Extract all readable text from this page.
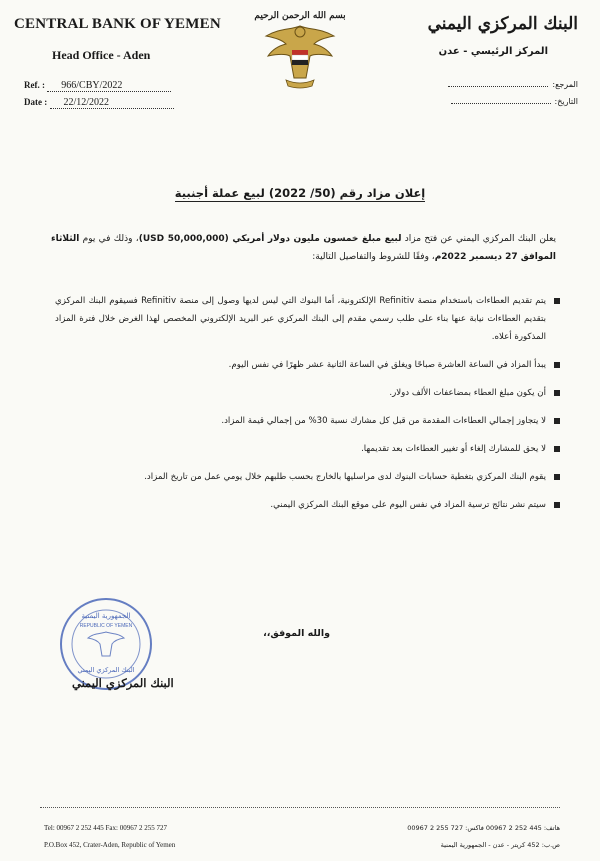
CENTRAL BANK OF YEMEN
Head Office - Aden
Ref. : 966/CBY/2022
Date : 22/12/2022
بسم الله الرحمن الرحيم	البنك المركزي اليمني
المركز الرئيسي - عدن
المرجع:
التاريخ:
إعلان مزاد رقم (50/ 2022) لبيع عملة أجنبية
يعلن البنك المركزي اليمني عن فتح مزاد لبيع مبلغ خمسون مليون دولار أمريكي (50,000,000 USD)، وذلك في يوم الثلاثاء الموافق 27 ديسمبر 2022م، وفقًا للشروط والتفاصيل التالية:
يتم تقديم العطاءات باستخدام منصة Refinitiv الإلكترونية، أما البنوك التي ليس لديها وصول إلى منصة Refinitiv فسيقوم البنك المركزي بتقديم العطاءات نيابة عنها بناء على طلب رسمي مقدم إلى البنك المركزي عبر البريد الإلكتروني المخصص لهذا الغرض خلال فترة المزاد المذكورة أعلاه.
يبدأ المزاد في الساعة العاشرة صباحًا ويغلق في الساعة الثانية عشر ظهرًا في نفس اليوم.
أن يكون مبلغ العطاء بمضاعفات الألف دولار.
لا يتجاوز إجمالي العطاءات المقدمة من قبل كل مشارك نسبة 30% من إجمالي قيمة المزاد.
لا يحق للمشارك إلغاء أو تغيير العطاءات بعد تقديمها.
يقوم البنك المركزي بتغطية حسابات البنوك لدى مراسليها بالخارج بحسب طلبهم خلال يومي عمل من تاريخ المزاد.
سيتم نشر نتائج ترسية المزاد في نفس اليوم على موقع البنك المركزي اليمني.
والله الموفق،،
الجمهورية اليمنية
REPUBLIC OF YEMEN
البنك المركزي اليمني
البنك المركزي اليمني
Tel: 00967 2 252 445 Fax: 00967 2 255 727
P.O.Box 452, Crater-Aden, Republic of Yemen
هاتف: 445 252 2 00967 فاكس: 727 255 2 00967
ص.ب: 452 كريتر - عدن - الجمهورية اليمنية
